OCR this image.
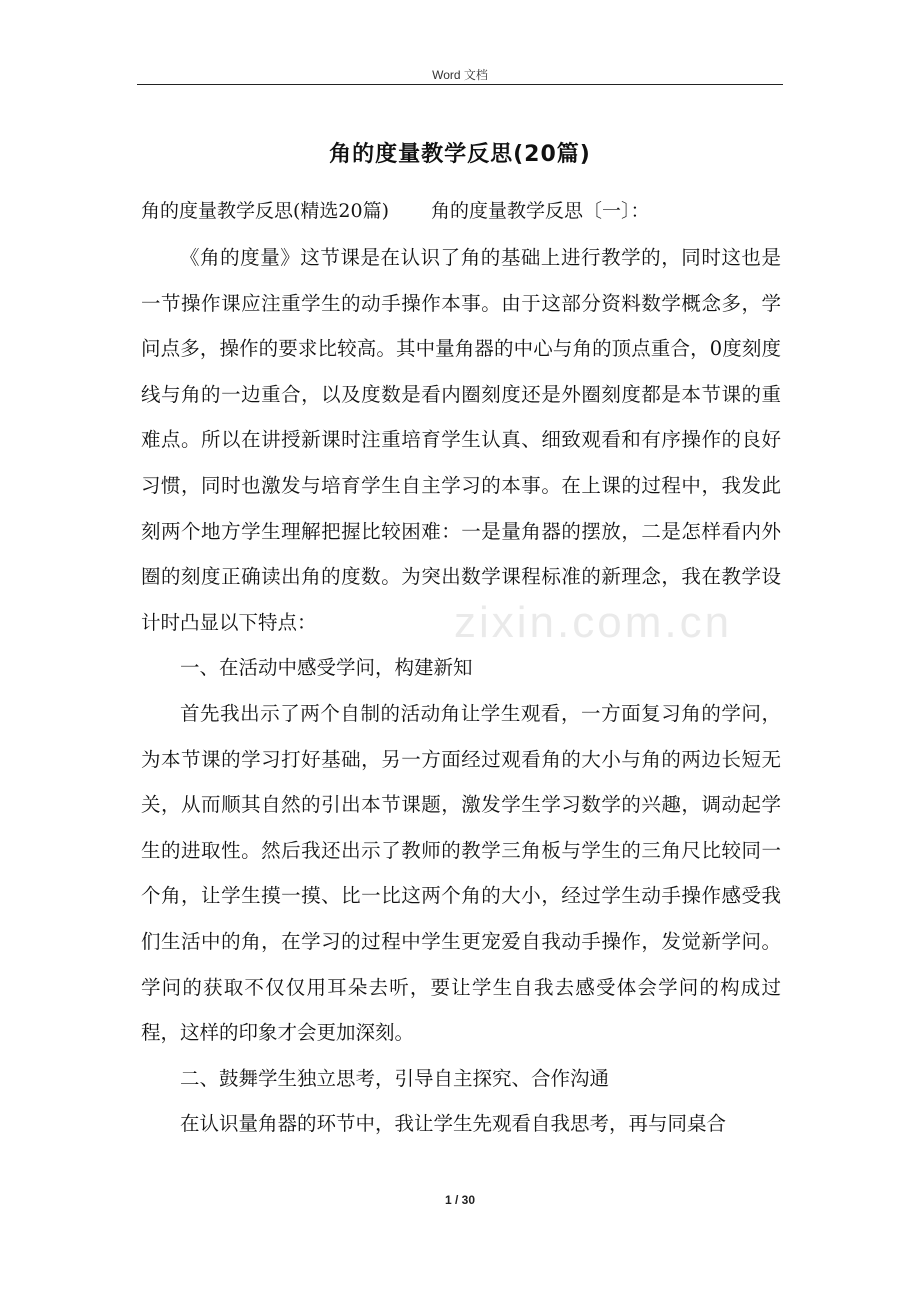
Word 文档
角的度量教学反思(20篇)
角的度量教学反思(精选20篇) 角的度量教学反思〔一〕：

《角的度量》这节课是在认识了角的基础上进行教学的，同时这也是一节操作课应注重学生的动手操作本事。由于这部分资料数学概念多，学问点多，操作的要求比较高。其中量角器的中心与角的顶点重合，0度刻度线与角的一边重合，以及度数是看内圈刻度还是外圈刻度都是本节课的重难点。所以在讲授新课时注重培育学生认真、细致观看和有序操作的良好习惯，同时也激发与培育学生自主学习的本事。在上课的过程中，我发此刻两个地方学生理解把握比较困难：一是量角器的摆放，二是怎样看内外圈的刻度正确读出角的度数。为突出数学课程标准的新理念，我在教学设计时凸显以下特点：

一、在活动中感受学问，构建新知

首先我出示了两个自制的活动角让学生观看，一方面复习角的学问，为本节课的学习打好基础，另一方面经过观看角的大小与角的两边长短无关，从而顺其自然的引出本节课题，激发学生学习数学的兴趣，调动起学生的进取性。然后我还出示了教师的教学三角板与学生的三角尺比较同一个角，让学生摸一摸、比一比这两个角的大小，经过学生动手操作感受我们生活中的角，在学习的过程中学生更宠爱自我动手操作，发觉新学问。学问的获取不仅仅用耳朵去听，要让学生自我去感受体会学问的构成过程，这样的印象才会更加深刻。

二、鼓舞学生独立思考，引导自主探究、合作沟通

在认识量角器的环节中，我让学生先观看自我思考，再与同桌合

zixin.com.cn
1 / 30
